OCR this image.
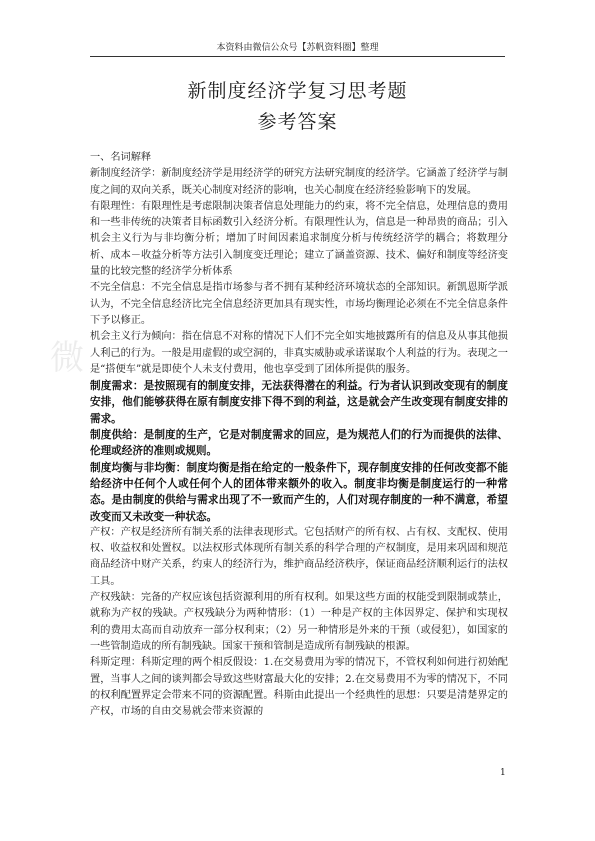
本资料由微信公众号【苏帆资料圈】整理
微
新制度经济学复习思考题
参考答案

一、名词解释

新制度经济学：新制度经济学是用经济学的研究方法研究制度的经济学。它涵盖了经济学与制度之间的双向关系，既关心制度对经济的影响，也关心制度在经济经验影响下的发展。

有限理性：有限理性是考虑限制决策者信息处理能力的约束，将不完全信息，处理信息的费用和一些非传统的决策者目标函数引入经济分析。有限理性认为，信息是一种昂贵的商品；引入机会主义行为与非均衡分析；增加了时间因素追求制度分析与传统经济学的耦合；将数理分析、成本－收益分析等方法引入制度变迁理论；建立了涵盖资源、技术、偏好和制度等经济变量的比较完整的经济学分析体系

不完全信息：不完全信息是指市场参与者不拥有某种经济环境状态的全部知识。新凯恩斯学派认为，不完全信息经济比完全信息经济更加具有现实性，市场均衡理论必须在不完全信息条件下予以修正。

机会主义行为倾向：指在信息不对称的情况下人们不完全如实地披露所有的信息及从事其他损人利己的行为。一般是用虚假的或空洞的，非真实威胁或承诺谋取个人利益的行为。表现之一是“搭便车”就是即使个人未支付费用，他也享受到了团体所提供的服务。

制度需求：是按照现有的制度安排，无法获得潜在的利益。行为者认识到改变现有的制度安排，他们能够获得在原有制度安排下得不到的利益，这是就会产生改变现有制度安排的需求。

制度供给：是制度的生产，它是对制度需求的回应，是为规范人们的行为而提供的法律、伦理或经济的准则或规则。

制度均衡与非均衡：制度均衡是指在给定的一般条件下，现存制度安排的任何改变都不能给经济中任何个人或任何个人的团体带来额外的收入。制度非均衡是制度运行的一种常态。是由制度的供给与需求出现了不一致而产生的，人们对现存制度的一种不满意，希望改变而又未改变一种状态。

产权：产权是经济所有制关系的法律表现形式。它包括财产的所有权、占有权、支配权、使用权、收益权和处置权。以法权形式体现所有制关系的科学合理的产权制度，是用来巩固和规范商品经济中财产关系，约束人的经济行为，维护商品经济秩序，保证商品经济顺利运行的法权工具。

产权残缺：完备的产权应该包括资源利用的所有权利。如果这些方面的权能受到限制或禁止，就称为产权的残缺。产权残缺分为两种情形：（1）一种是产权的主体因界定、保护和实现权利的费用太高而自动放弃一部分权利束；（2）另一种情形是外来的干预（或侵犯），如国家的一些管制造成的所有制残缺。国家干预和管制是造成所有制残缺的根源。

科斯定理：科斯定理的两个相反假设：1.在交易费用为零的情况下，不管权利如何进行初始配置，当事人之间的谈判都会导致这些财富最大化的安排；2.在交易费用不为零的情况下，不同的权利配置界定会带来不同的资源配置。科斯由此提出一个经典性的思想：只要是清楚界定的产权，市场的自由交易就会带来资源的

1
